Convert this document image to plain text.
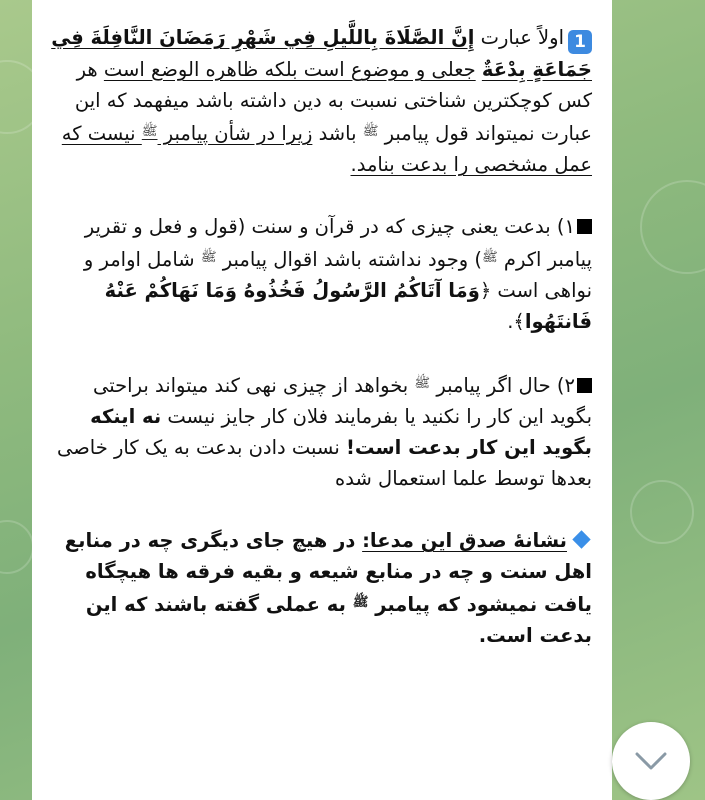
1اولاً عبارت إِنَّ الصَّلَاةَ بِاللَّيلِ فِي شَهْرِ رَمَضَانَ النَّافِلَةَ فِي جَمَاعَةٍ بِدْعَةٌ جعلی و موضوع است بلکه ظاهره الوضع است هر کس کوچکترین شناختی نسبت به دین داشته باشد میفهمد که این عبارت نمیتواند قول پیامبر $^ﷺ$ باشد زیرا در شأن پیامبر $^ﷺ$ نیست که عمل مشخصی را بدعت بنامد.

۱) بدعت یعنی چیزی که در قرآن و سنت (قول و فعل و تقریر پیامبر اکرم $^ﷺ$) وجود نداشته باشد اقوال پیامبر $^ﷺ$ شامل اوامر و نواهی است ﴿وَمَا آتَاكُمُ الرَّسُولُ فَخُذُوهُ وَمَا نَهَاكُمْ عَنْهُ فَانتَهُوا﴾.

۲) حال اگر پیامبر $^ﷺ$ بخواهد از چیزی نهی کند میتواند براحتی بگوید این کار را نکنید یا بفرمایند فلان کار جایز نیست نه اینکه بگوید این کار بدعت است! نسبت دادن بدعت به یک کار خاصی بعدها توسط علما استعمال شده

نشانهٔ صدق این مدعا: در هیچ جای دیگری چه در منابع اهل سنت و چه در منابع شیعه و بقیه فرقه ها هیچگاه یافت نمیشود که پیامبر $^ﷺ$ به عملی گفته باشند که این بدعت است.
